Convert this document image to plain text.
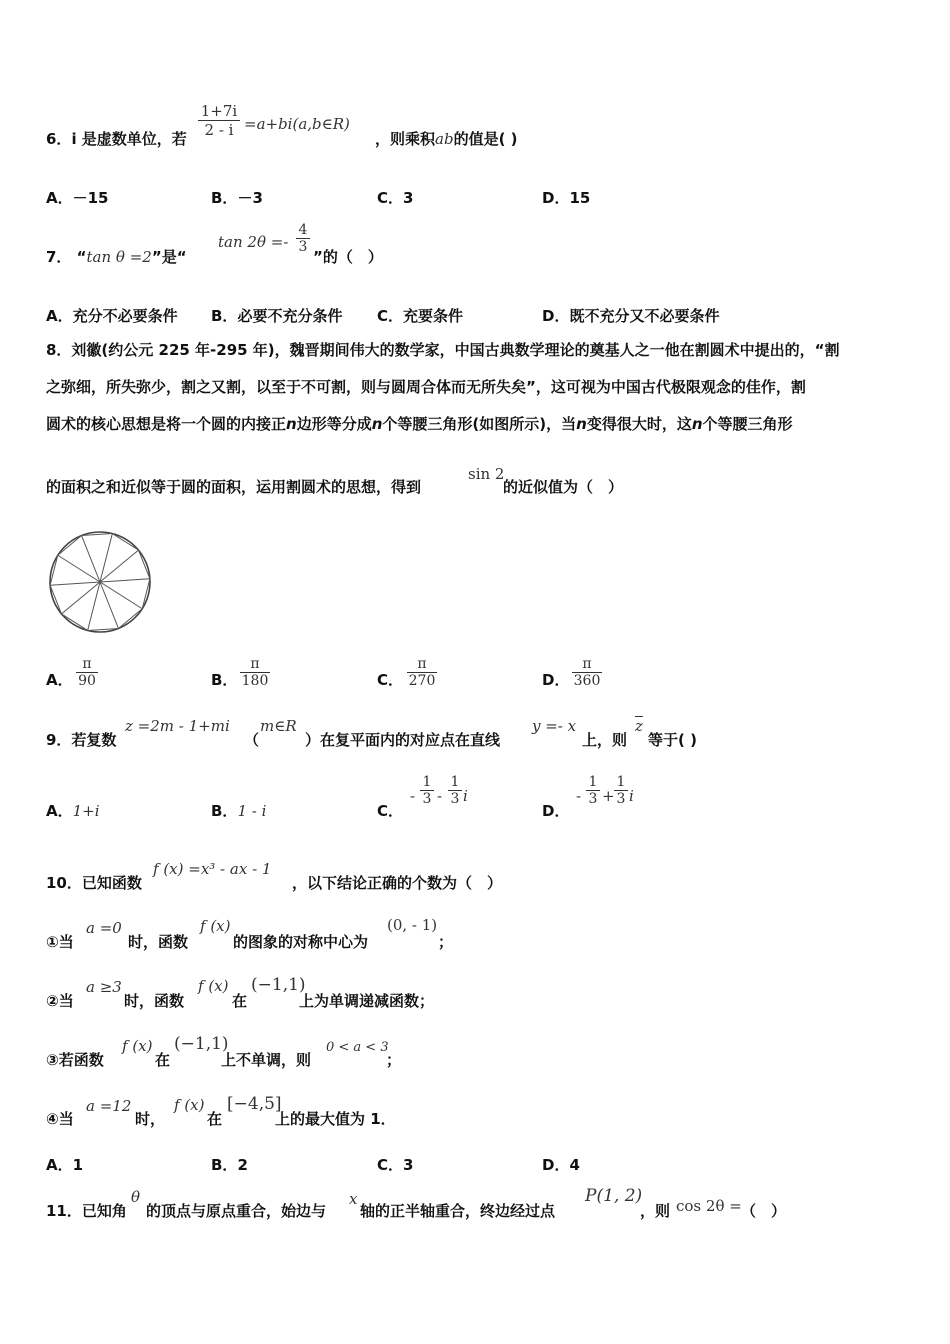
6．i 是虚数单位，若
1+7i
2 - i =a+bi(a,b∈R)
，则乘积ab的值是( )
A．－15	B．－3	C．3	D．15
7． “tan θ =2”是“
tan 2θ =-
4
3
”的（　）
A．充分不必要条件 B．必要不充分条件 C．充要条件	D．既不充分又不必要条件
8．刘徽(约公元 225 年-295 年)，魏晋期间伟大的数学家，中国古典数学理论的奠基人之一他在割圆术中提出的，“割
之弥细，所失弥少，割之又割，以至于不可割，则与圆周合体而无所失矣”，这可视为中国古代极限观念的佳作，割
圆术的核心思想是将一个圆的内接正n边形等分成n个等腰三角形(如图所示)，当n变得很大时，这n个等腰三角形
的面积之和近似等于圆的面积，运用割圆术的思想，得到
sin 2
的近似值为（　）
A．
π
90	B．
π
180	C．
π
270	D．
π
360
9．若复数
z =2m - 1+mi
（
m∈R
）在复平面内的对应点在直线
y =- x
上，则
$\overline{z}$
等于( )
A．1+i	B．1 - i	C．
-
1
3 -
1
3 i
D．
-
1
3 +
1
3 i
10．已知函数
f (x) =x³ - ax - 1
，以下结论正确的个数为（　）
①当
a =0
时，函数
f (x)
的图象的对称中心为
(0, - 1)
；
②当
a ≥3
时，函数
f (x)
在
(−1,1)
上为单调递减函数；
③若函数
f (x)
在
(−1,1)
上不单调，则
0 < a < 3
；
④当
a =12
时，
f (x)
在
[−4,5]
上的最大值为 1．
A．1	B．2	C．3	D．4
11．已知角
θ
的顶点与原点重合，始边与
x
轴的正半轴重合，终边经过点
P(1, 2)
，则 cos 2θ = （　）
